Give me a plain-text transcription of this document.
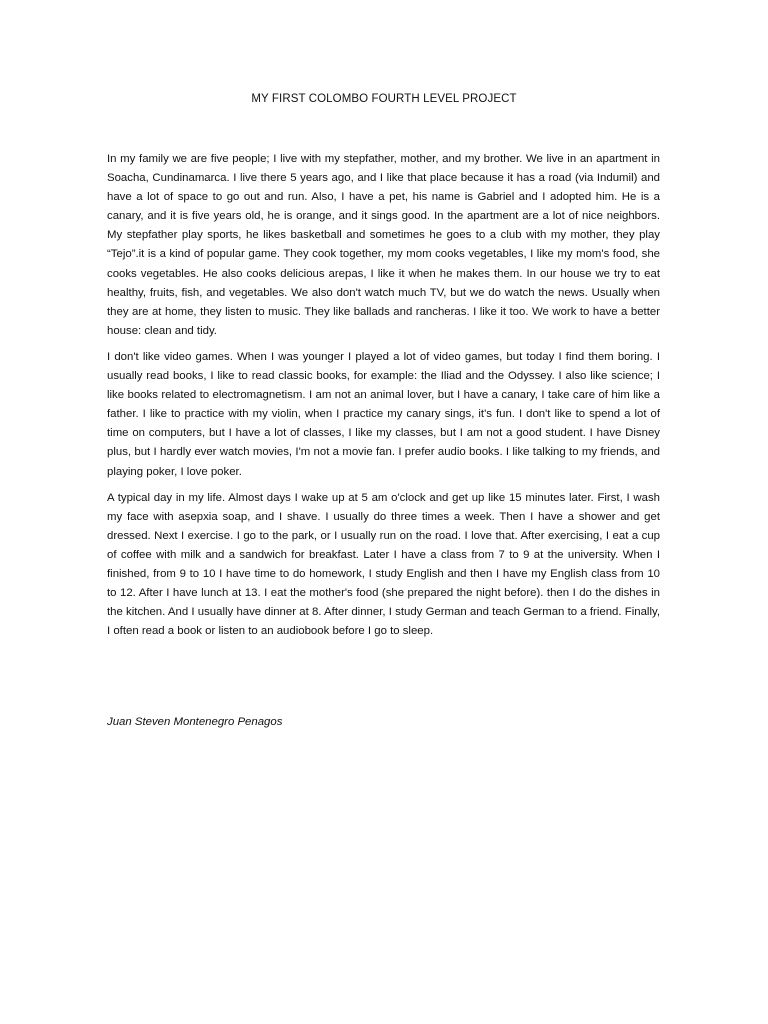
MY FIRST COLOMBO FOURTH LEVEL PROJECT

In my family we are five people; I live with my stepfather, mother, and my brother. We live in an apartment in Soacha, Cundinamarca. I live there 5 years ago, and I like that place because it has a road (via Indumil) and have a lot of space to go out and run. Also, I have a pet, his name is Gabriel and I adopted him. He is a canary, and it is five years old, he is orange, and it sings good. In the apartment are a lot of nice neighbors. My stepfather play sports, he likes basketball and sometimes he goes to a club with my mother, they play “Tejo”.it is a kind of popular game. They cook together, my mom cooks vegetables, I like my mom's food, she cooks vegetables. He also cooks delicious arepas, I like it when he makes them. In our house we try to eat healthy, fruits, fish, and vegetables. We also don't watch much TV, but we do watch the news. Usually when they are at home, they listen to music. They like ballads and rancheras. I like it too. We work to have a better house: clean and tidy.

I don't like video games. When I was younger I played a lot of video games, but today I find them boring. I usually read books, I like to read classic books, for example: the Iliad and the Odyssey. I also like science; I like books related to electromagnetism. I am not an animal lover, but I have a canary, I take care of him like a father. I like to practice with my violin, when I practice my canary sings, it's fun. I don't like to spend a lot of time on computers, but I have a lot of classes, I like my classes, but I am not a good student. I have Disney plus, but I hardly ever watch movies, I'm not a movie fan. I prefer audio books. I like talking to my friends, and playing poker, I love poker.

A typical day in my life. Almost days I wake up at 5 am o'clock and get up like 15 minutes later. First, I wash my face with asepxia soap, and I shave. I usually do three times a week. Then I have a shower and get dressed. Next I exercise. I go to the park, or I usually run on the road. I love that. After exercising, I eat a cup of coffee with milk and a sandwich for breakfast. Later I have a class from 7 to 9 at the university. When I finished, from 9 to 10 I have time to do homework, I study English and then I have my English class from 10 to 12. After I have lunch at 13. I eat the mother's food (she prepared the night before). then I do the dishes in the kitchen. And I usually have dinner at 8. After dinner, I study German and teach German to a friend. Finally, I often read a book or listen to an audiobook before I go to sleep.

Juan Steven Montenegro Penagos
